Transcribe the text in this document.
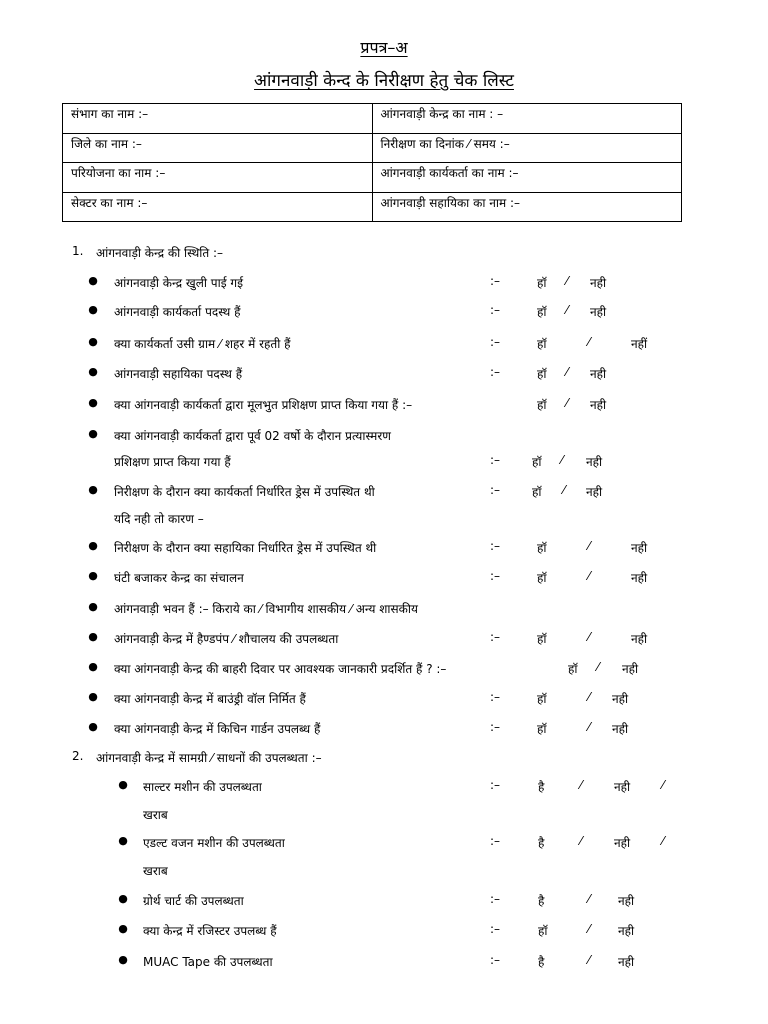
प्रपत्र–अ
आंगनवाड़ी केन्द के निरीक्षण हेतु चेक लिस्ट
संभाग का नाम :–	आंगनवाड़ी केन्द्र का नाम : –
जिले का नाम :–	निरीक्षण का दिनांक ⁄ समय :–
परियोजना का नाम :–	आंगनवाड़ी कार्यकर्ता का नाम :–
सेक्टर का नाम :–	आंगनवाड़ी सहायिका का नाम :–
1. आंगनवाड़ी केन्द्र की स्थिति :–
● आंगनवाड़ी केन्द्र खुली पाई गई	:–	हॉ ⁄ नही
● आंगनवाड़ी कार्यकर्ता पदस्थ हैं	:–	हॉ ⁄ नही
● क्या कार्यकर्ता उसी ग्राम ⁄ शहर में रहती हैं	:–	हॉ	⁄	नहीं
● आंगनवाड़ी सहायिका पदस्थ हैं	:–	हॉ ⁄ नही
● क्या आंगनवाड़ी कार्यकर्ता द्वारा मूलभुत प्रशिक्षण प्राप्त किया गया हैं :–	हॉ ⁄ नही
● क्या आंगनवाड़ी कार्यकर्ता द्वारा पूर्व 02 वर्षो के दौरान प्रत्यास्मरण
:–	हॉ ⁄ नही
प्रशिक्षण प्राप्त किया गया हैं
● निरीक्षण के दौरान क्या कार्यकर्ता निर्धारित ड्रेस में उपस्थित थी	:–	हॉ ⁄ नही
यदि नही तो कारण –
● निरीक्षण के दौरान क्या सहायिका निर्धारित ड्रेस में उपस्थित थी	:–	हॉ	⁄	नही
● घंटी बजाकर केन्द्र का संचालन	:–	हॉ	⁄	नही
● आंगनवाड़ी भवन हैं :– किराये का ⁄ विभागीय शासकीय ⁄ अन्य शासकीय
● आंगनवाड़ी केन्द्र में हैण्डपंप ⁄ शौचालय की उपलब्धता	:–	हॉ	⁄	नही
● क्या आंगनवाड़ी केन्द्र की बाहरी दिवार पर आवश्यक जानकारी प्रदर्शित हैं ? :–	हॉ ⁄ नही
● क्या आंगनवाड़ी केन्द्र में बाउंड्री वॉल निर्मित हैं	:–	हॉ	⁄ नही
● क्या आंगनवाड़ी केन्द्र में किचिन गार्डन उपलब्ध हैं	:–	हॉ	⁄ नही
2. आंगनवाड़ी केन्द्र में सामग्री ⁄ साधनों की उपलब्धता :–
● साल्टर मशीन की उपलब्धता	:–	है	⁄	नही	⁄
खराब
● एडल्ट वजन मशीन की उपलब्धता	:–	है	⁄	नही	⁄
खराब
● ग्रोर्थ चार्ट की उपलब्धता	:–	है	⁄ नही
● क्या केन्द्र में रजिस्टर उपलब्ध हैं	:–	हॉ	⁄ नही
● MUAC Tape की उपलब्धता	:–	है	⁄ नही
